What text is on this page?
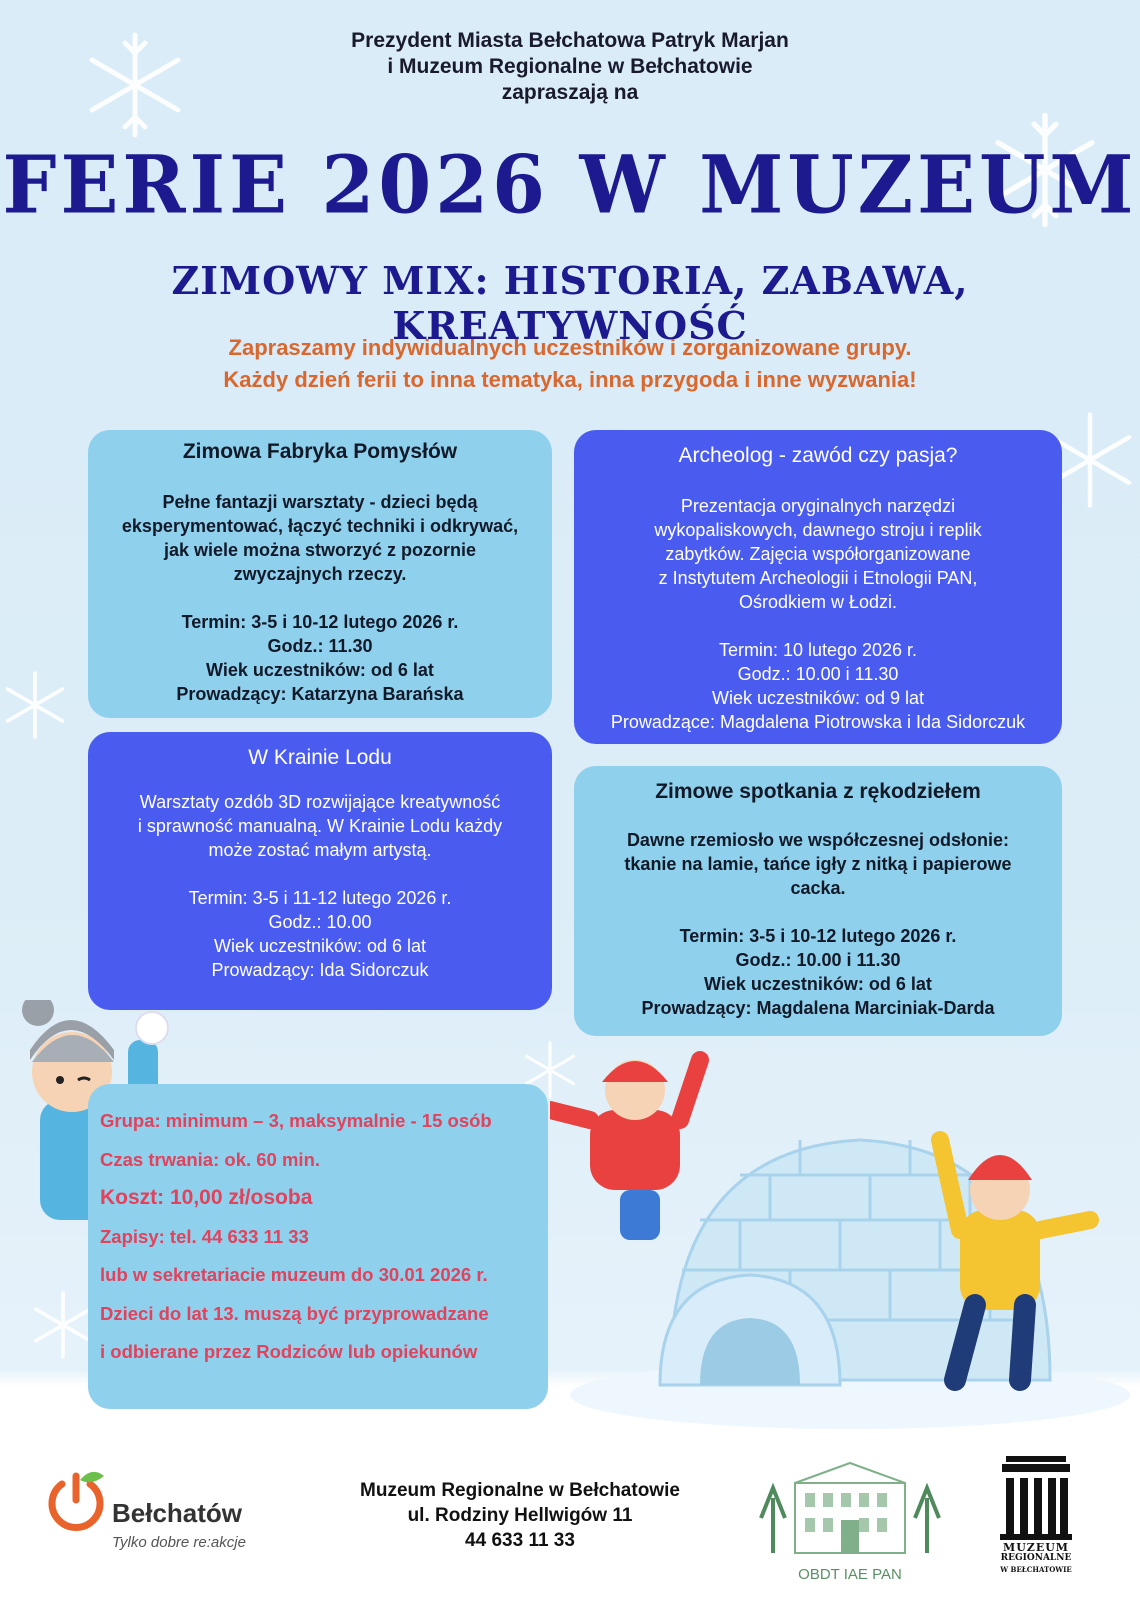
Prezydent Miasta Bełchatowa Patryk Marjan
i Muzeum Regionalne w Bełchatowie
zapraszają na
FERIE 2026 W MUZEUM
ZIMOWY MIX: HISTORIA, ZABAWA, KREATYWNOŚĆ
Zapraszamy indywidualnych uczestników i zorganizowane grupy.
Każdy dzień ferii to inna tematyka, inna przygoda i inne wyzwania!
Zimowa Fabryka Pomysłów
Pełne fantazji warsztaty - dzieci będą
eksperymentować, łączyć techniki i odkrywać,
jak wiele można stworzyć z pozornie
zwyczajnych rzeczy.
Termin: 3-5 i 10-12 lutego 2026 r.
Godz.: 11.30
Wiek uczestników: od 6 lat
Prowadzący: Katarzyna Barańska
Archeolog - zawód czy pasja?
Prezentacja oryginalnych narzędzi
wykopaliskowych, dawnego stroju i replik
zabytków. Zajęcia współorganizowane
z Instytutem Archeologii i Etnologii PAN,
Ośrodkiem w Łodzi.
Termin: 10 lutego 2026 r.
Godz.: 10.00 i 11.30
Wiek uczestników: od 9 lat
Prowadzące: Magdalena Piotrowska i Ida Sidorczuk
W Krainie Lodu
Warsztaty ozdób 3D rozwijające kreatywność
i sprawność manualną. W Krainie Lodu każdy
może zostać małym artystą.
Termin: 3-5 i 11-12 lutego 2026 r.
Godz.: 10.00
Wiek uczestników: od 6 lat
Prowadzący: Ida Sidorczuk
Zimowe spotkania z rękodziełem
Dawne rzemiosło we współczesnej odsłonie:
tkanie na lamie, tańce igły z nitką i papierowe
cacka.
Termin: 3-5 i 10-12 lutego 2026 r.
Godz.: 10.00 i 11.30
Wiek uczestników: od 6 lat
Prowadzący: Magdalena Marciniak-Darda
Grupa: minimum – 3, maksymalnie - 15 osób
Czas trwania: ok. 60 min.
Koszt: 10,00 zł/osoba
Zapisy: tel. 44 633 11 33
lub w sekretariacie muzeum do 30.01 2026 r.
Dzieci do lat 13. muszą być przyprowadzane
i odbierane przez Rodziców lub opiekunów
Bełchatów
Tylko dobre re:akcje
Muzeum Regionalne w Bełchatowie
ul. Rodziny Hellwigów 11
44 633 11 33
OBDT IAE PAN
MUZEUM
REGIONALNE
W BEŁCHATOWIE
